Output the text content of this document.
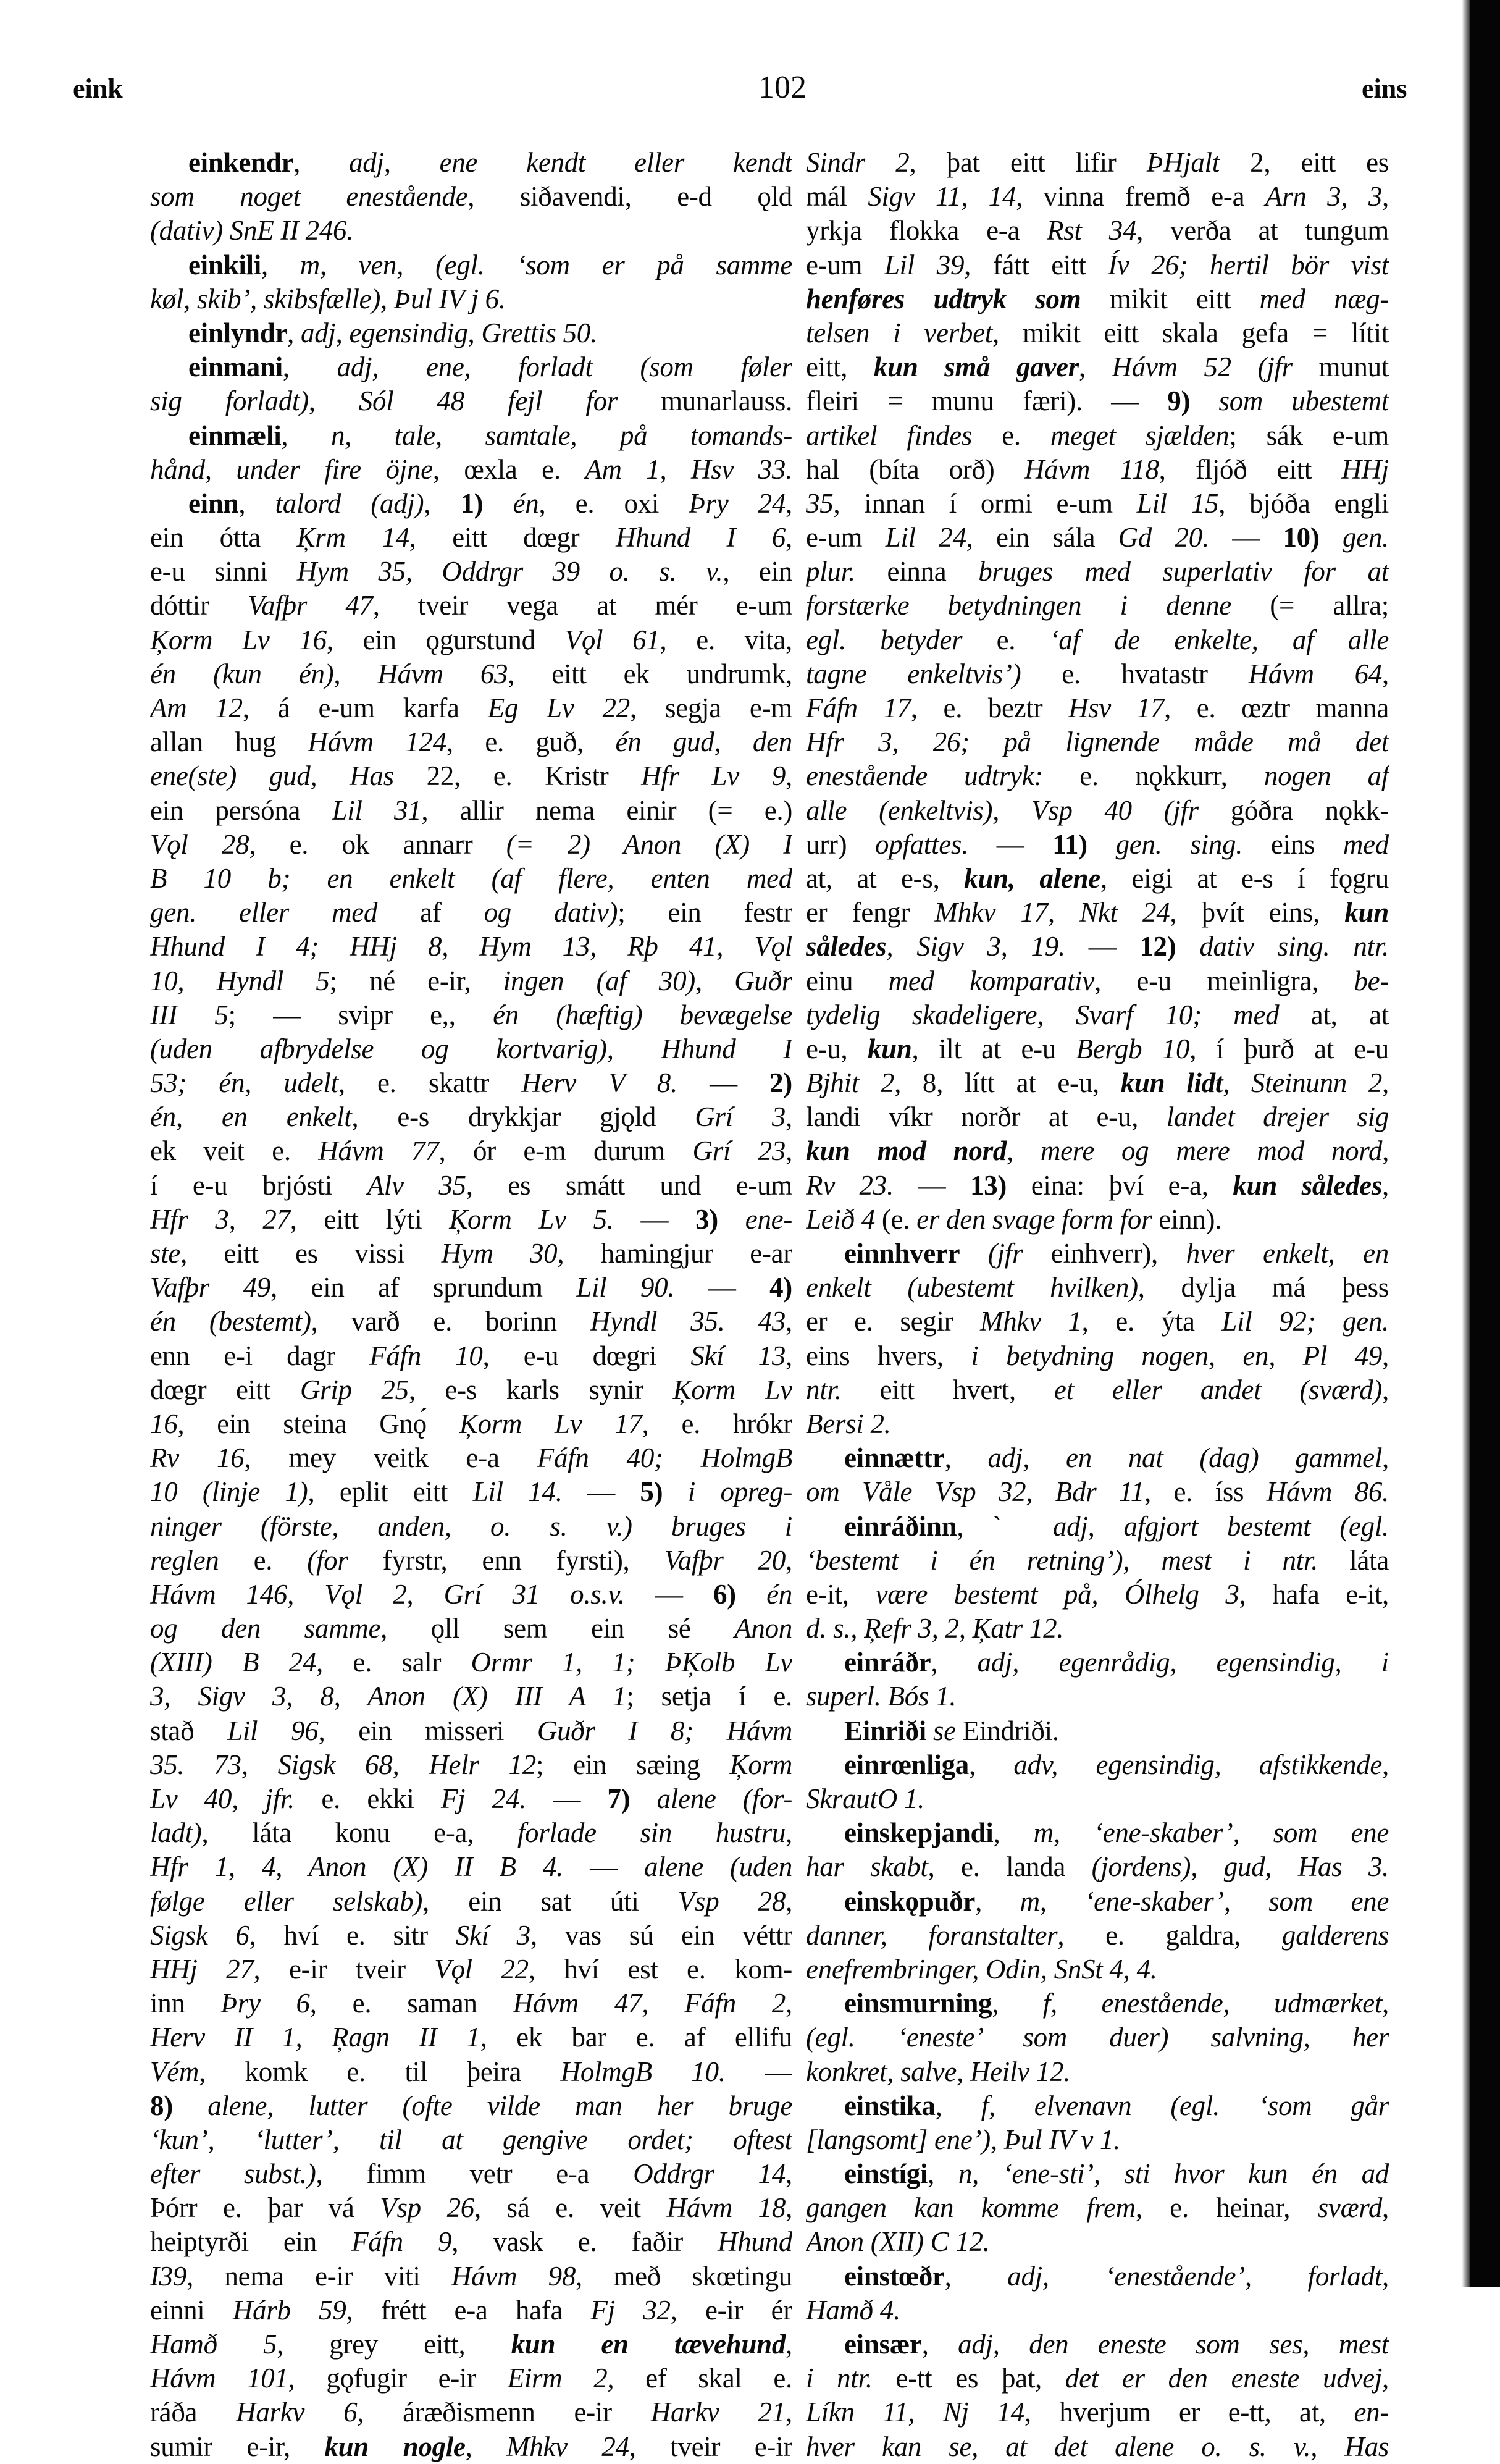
eink	102	eins
einkendr, adj, ene kendt eller kendt
som noget enestående, siðavendi, e-d ǫld
(dativ) SnE II 246.
einkili, m, ven, (egl. ‘som er på samme
køl, skib’, skibsfælle), Þul IV j 6.
einlyndr, adj, egensindig, Grettis 50.
einmani, adj, ene, forladt (som føler
sig forladt), Sól 48 fejl for munarlauss.
einmæli, n, tale, samtale, på tomands-
hånd, under fire öjne, œxla e. Am 1, Hsv 33.
einn, talord (adj), 1) én, e. oxi Þry 24,
ein ótta Ķrm 14, eitt dœgr Hhund I 6,
e-u sinni Hym 35, Oddrgr 39 o. s. v., ein
dóttir Vafþr 47, tveir vega at mér e-um
Ķorm Lv 16, ein ǫgurstund Vǫl 61, e. vita,
én (kun én), Hávm 63, eitt ek undrumk,
Am 12, á e-um karfa Eg Lv 22, segja e-m
allan hug Hávm 124, e. guð, én gud, den
ene(ste) gud, Has 22, e. Kristr Hfr Lv 9,
ein persóna Lil 31, allir nema einir (= e.)
Vǫl 28, e. ok annarr (= 2) Anon (X) I
B 10 b; en enkelt (af flere, enten med
gen. eller med af og dativ); ein festr
Hhund I 4; HHj 8, Hym 13, Rþ 41, Vǫl
10, Hyndl 5; né e-ir, ingen (af 30), Guðr
III 5; — svipr e,, én (hæftig) bevægelse
(uden afbrydelse og kortvarig), Hhund I
53; én, udelt, e. skattr Herv V 8. — 2)
én, en enkelt, e-s drykkjar gjǫld Grí 3,
ek veit e. Hávm 77, ór e-m durum Grí 23,
í e-u brjósti Alv 35, es smátt und e-um
Hfr 3, 27, eitt lýti Ķorm Lv 5. — 3) ene-
ste, eitt es vissi Hym 30, hamingjur e-ar
Vafþr 49, ein af sprundum Lil 90. — 4)
én (bestemt), varð e. borinn Hyndl 35. 43,
enn e-i dagr Fáfn 10, e-u dœgri Skí 13,
dœgr eitt Grip 25, e-s karls synir Ķorm Lv
16, ein steina Gnǫ́ Ķorm Lv 17, e. hrókr
Rv 16, mey veitk e-a Fáfn 40; HolmgB
10 (linje 1), eplit eitt Lil 14. — 5) i opreg-
ninger (förste, anden, o. s. v.) bruges i
reglen e. (for fyrstr, enn fyrsti), Vafþr 20,
Hávm 146, Vǫl 2, Grí 31 o.s.v. — 6) én
og den samme, ǫll sem ein sé Anon
(XIII) B 24, e. salr Ormr 1, 1; ÞĶolb Lv
3, Sigv 3, 8, Anon (X) III A 1; setja í e.
stað Lil 96, ein misseri Guðr I 8; Hávm
35. 73, Sigsk 68, Helr 12; ein sæing Ķorm
Lv 40, jfr. e. ekki Fj 24. — 7) alene (for-
ladt), láta konu e-a, forlade sin hustru,
Hfr 1, 4, Anon (X) II B 4. — alene (uden
følge eller selskab), ein sat úti Vsp 28,
Sigsk 6, hví e. sitr Skí 3, vas sú ein véttr
HHj 27, e-ir tveir Vǫl 22, hví est e. kom-
inn Þry 6, e. saman Hávm 47, Fáfn 2,
Herv II 1, Ŗagn II 1, ek bar e. af ellifu
Vém, komk e. til þeira HolmgB 10. —
8) alene, lutter (ofte vilde man her bruge
‘kun’, ‘lutter’, til at gengive ordet; oftest
efter subst.), fimm vetr e-a Oddrgr 14,
Þórr e. þar vá Vsp 26, sá e. veit Hávm 18,
heiptyrði ein Fáfn 9, vask e. faðir Hhund
I39, nema e-ir viti Hávm 98, með skœtingu
einni Hárb 59, frétt e-a hafa Fj 32, e-ir ér
Hamð 5, grey eitt, kun en tævehund,
Hávm 101, gǫfugir e-ir Eirm 2, ef skal e.
ráða Harkv 6, áræðismenn e-ir Harkv 21,
sumir e-ir, kun nogle, Mhkv 24, tveir e-ir
Sindr 2, þat eitt lifir ÞHjalt 2, eitt es
mál Sigv 11, 14, vinna fremð e-a Arn 3, 3,
yrkja flokka e-a Rst 34, verða at tungum
e-um Lil 39, fátt eitt Ív 26; hertil bör vist
henføres udtryk som mikit eitt med næg-
telsen i verbet, mikit eitt skala gefa = lítit
eitt, kun små gaver, Hávm 52 (jfr munut
fleiri = munu færi). — 9) som ubestemt
artikel findes e. meget sjælden; sák e-um
hal (bíta orð) Hávm 118, fljóð eitt HHj
35, innan í ormi e-um Lil 15, bjóða engli
e-um Lil 24, ein sála Gd 20. — 10) gen.
plur. einna bruges med superlativ for at
forstærke betydningen i denne (= allra;
egl. betyder e. ‘af de enkelte, af alle
tagne enkeltvis’) e. hvatastr Hávm 64,
Fáfn 17, e. beztr Hsv 17, e. œztr manna
Hfr 3, 26; på lignende måde må det
enestående udtryk: e. nǫkkurr, nogen af
alle (enkeltvis), Vsp 40 (jfr góðra nǫkk-
urr) opfattes. — 11) gen. sing. eins med
at, at e-s, kun, alene, eigi at e-s í fǫgru
er fengr Mhkv 17, Nkt 24, þvít eins, kun
således, Sigv 3, 19. — 12) dativ sing. ntr.
einu med komparativ, e-u meinligra, be-
tydelig skadeligere, Svarf 10; med at, at
e-u, kun, ilt at e-u Bergb 10, í þurð at e-u
Bjhit 2, 8, lítt at e-u, kun lidt, Steinunn 2,
landi víkr norðr at e-u, landet drejer sig
kun mod nord, mere og mere mod nord,
Rv 23. — 13) eina: því e-a, kun således,
Leið 4 (e. er den svage form for einn).
einnhverr (jfr einhverr), hver enkelt, en
enkelt (ubestemt hvilken), dylja má þess
er e. segir Mhkv 1, e. ýta Lil 92; gen.
eins hvers, i betydning nogen, en, Pl 49,
ntr. eitt hvert, et eller andet (sværd),
Bersi 2.
einnættr, adj, en nat (dag) gammel,
om Våle Vsp 32, Bdr 11, e. íss Hávm 86.
einráðinn, ˋ adj, afgjort bestemt (egl.
‘bestemt i én retning’), mest i ntr. láta
e-it, være bestemt på, Ólhelg 3, hafa e-it,
d. s., Ŗefr 3, 2, Ķatr 12.
einráðr, adj, egenrådig, egensindig, i
superl. Bós 1.
Einriði se Eindriði.
einrœnliga, adv, egensindig, afstikkende,
SkrautO 1.
einskepjandi, m, ‘ene-skaber’, som ene
har skabt, e. landa (jordens), gud, Has 3.
einskǫpuðr, m, ‘ene-skaber’, som ene
danner, foranstalter, e. galdra, galderens
enefrembringer, Odin, SnSt 4, 4.
einsmurning, f, enestående, udmærket,
(egl. ‘eneste’ som duer) salvning, her
konkret, salve, Heilv 12.
einstika, f, elvenavn (egl. ‘som går
[langsomt] ene’), Þul IV v 1.
einstígi, n, ‘ene-sti’, sti hvor kun én ad
gangen kan komme frem, e. heinar, sværd,
Anon (XII) C 12.
einstœðr, adj, ‘enestående’, forladt,
Hamð 4.
einsær, adj, den eneste som ses, mest
i ntr. e-tt es þat, det er den eneste udvej,
Líkn 11, Nj 14, hverjum er e-tt, at, en-
hver kan se, at det alene o. s. v., Has
